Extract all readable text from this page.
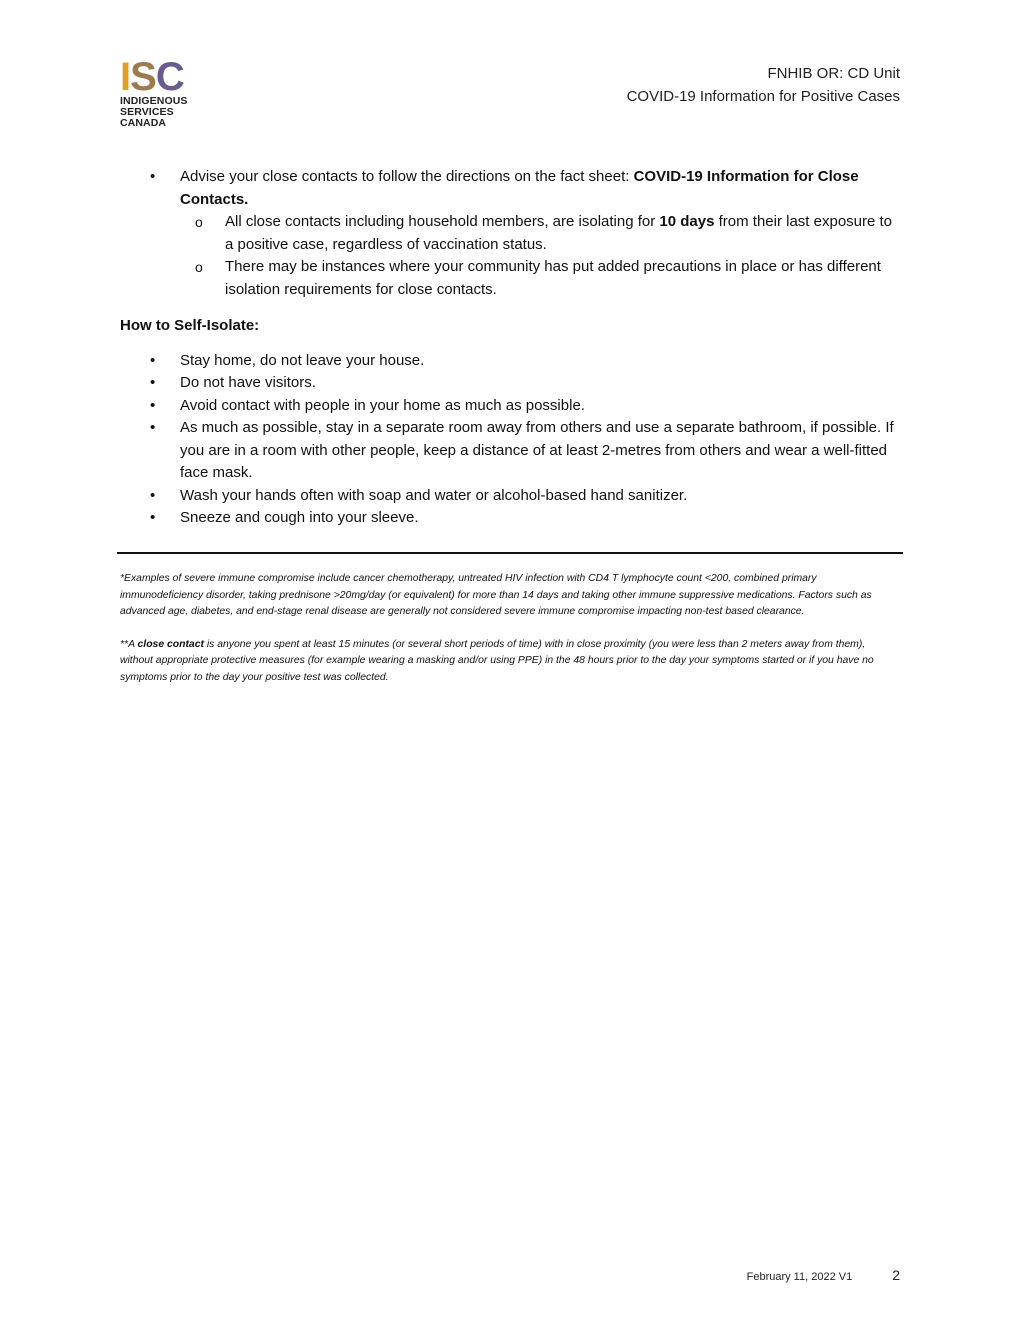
I S C
INDIGENOUS
SERVICES
CANADA
FNHIB OR: CD Unit
COVID-19 Information for Positive Cases
• Advise your close contacts to follow the directions on the fact sheet: COVID-19 Information for Close Contacts.
o All close contacts including household members, are isolating for 10 days from their last exposure to a positive case, regardless of vaccination status.
o There may be instances where your community has put added precautions in place or has different isolation requirements for close contacts.
How to Self-Isolate:
• Stay home, do not leave your house.
• Do not have visitors.
• Avoid contact with people in your home as much as possible.
• As much as possible, stay in a separate room away from others and use a separate bathroom, if possible. If you are in a room with other people, keep a distance of at least 2-metres from others and wear a well-fitted face mask.
• Wash your hands often with soap and water or alcohol-based hand sanitizer.
• Sneeze and cough into your sleeve.

*Examples of severe immune compromise include cancer chemotherapy, untreated HIV infection with CD4 T lymphocyte count <200, combined primary immunodeficiency disorder, taking prednisone >20mg/day (or equivalent) for more than 14 days and taking other immune suppressive medications. Factors such as advanced age, diabetes, and end-stage renal disease are generally not considered severe immune compromise impacting non-test based clearance.

**A close contact is anyone you spent at least 15 minutes (or several short periods of time) with in close proximity (you were less than 2 meters away from them), without appropriate protective measures (for example wearing a masking and/or using PPE) in the 48 hours prior to the day your symptoms started or if you have no symptoms prior to the day your positive test was collected.

February 11, 2022 V1	2
